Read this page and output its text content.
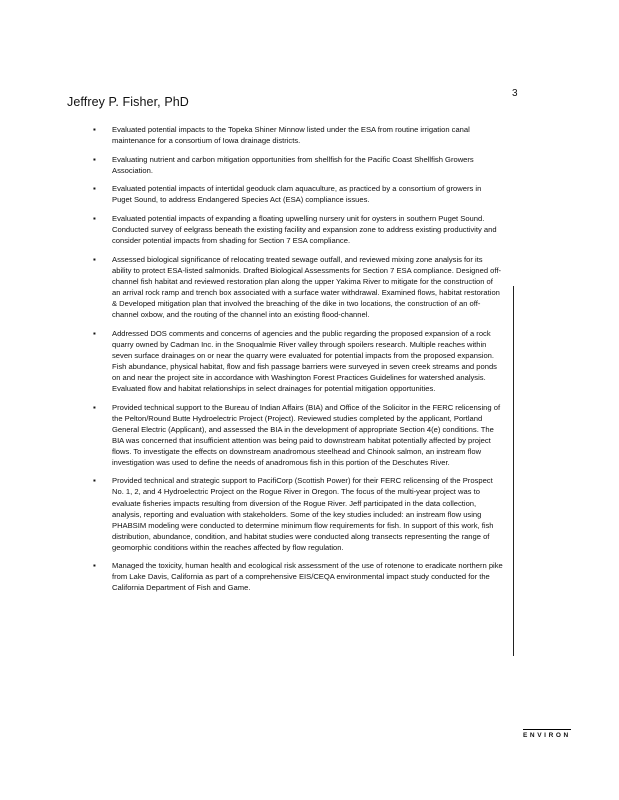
3
Jeffrey P. Fisher, PhD
▪ Evaluated potential impacts to the Topeka Shiner Minnow listed under the ESA from routine irrigation canal maintenance for a consortium of Iowa drainage districts.
▪ Evaluating nutrient and carbon mitigation opportunities from shellfish for the Pacific Coast Shellfish Growers Association.
▪ Evaluated potential impacts of intertidal geoduck clam aquaculture, as practiced by a consortium of growers in Puget Sound, to address Endangered Species Act (ESA) compliance issues.
▪ Evaluated potential impacts of expanding a floating upwelling nursery unit for oysters in southern Puget Sound. Conducted survey of eelgrass beneath the existing facility and expansion zone to address existing productivity and consider potential impacts from shading for Section 7 ESA compliance.
▪ Assessed biological significance of relocating treated sewage outfall, and reviewed mixing zone analysis for its ability to protect ESA-listed salmonids. Drafted Biological Assessments for Section 7 ESA compliance. Designed off-channel fish habitat and reviewed restoration plan along the upper Yakima River to mitigate for the construction of an arrival rock ramp and trench box associated with a surface water withdrawal. Examined flows, habitat restoration & Developed mitigation plan that involved the breaching of the dike in two locations, the construction of an off-channel oxbow, and the routing of the channel into an existing flood-channel.
▪ Addressed DOS comments and concerns of agencies and the public regarding the proposed expansion of a rock quarry owned by Cadman Inc. in the Snoqualmie River valley through spoilers research. Multiple reaches within seven surface drainages on or near the quarry were evaluated for potential impacts from the proposed expansion. Fish abundance, physical habitat, flow and fish passage barriers were surveyed in seven creek streams and ponds on and near the project site in accordance with Washington Forest Practices Guidelines for watershed analysis. Evaluated flow and habitat relationships in select drainages for potential mitigation opportunities.
▪ Provided technical support to the Bureau of Indian Affairs (BIA) and Office of the Solicitor in the FERC relicensing of the Pelton/Round Butte Hydroelectric Project (Project). Reviewed studies completed by the applicant, Portland General Electric (Applicant), and assessed the BIA in the development of appropriate Section 4(e) conditions. The BIA was concerned that insufficient attention was being paid to downstream habitat potentially affected by project flows. To investigate the effects on downstream anadromous steelhead and Chinook salmon, an instream flow investigation was used to define the needs of anadromous fish in this portion of the Deschutes River.
▪ Provided technical and strategic support to PacifiCorp (Scottish Power) for their FERC relicensing of the Prospect No. 1, 2, and 4 Hydroelectric Project on the Rogue River in Oregon. The focus of the multi-year project was to evaluate fisheries impacts resulting from diversion of the Rogue River. Jeff participated in the data collection, analysis, reporting and evaluation with stakeholders. Some of the key studies included: an instream flow using PHABSIM modeling were conducted to determine minimum flow requirements for fish. In support of this work, fish distribution, abundance, condition, and habitat studies were conducted along transects representing the range of geomorphic conditions within the reaches affected by flow regulation.
▪ Managed the toxicity, human health and ecological risk assessment of the use of rotenone to eradicate northern pike from Lake Davis, California as part of a comprehensive EIS/CEQA environmental impact study conducted for the California Department of Fish and Game.
ENVIRON
